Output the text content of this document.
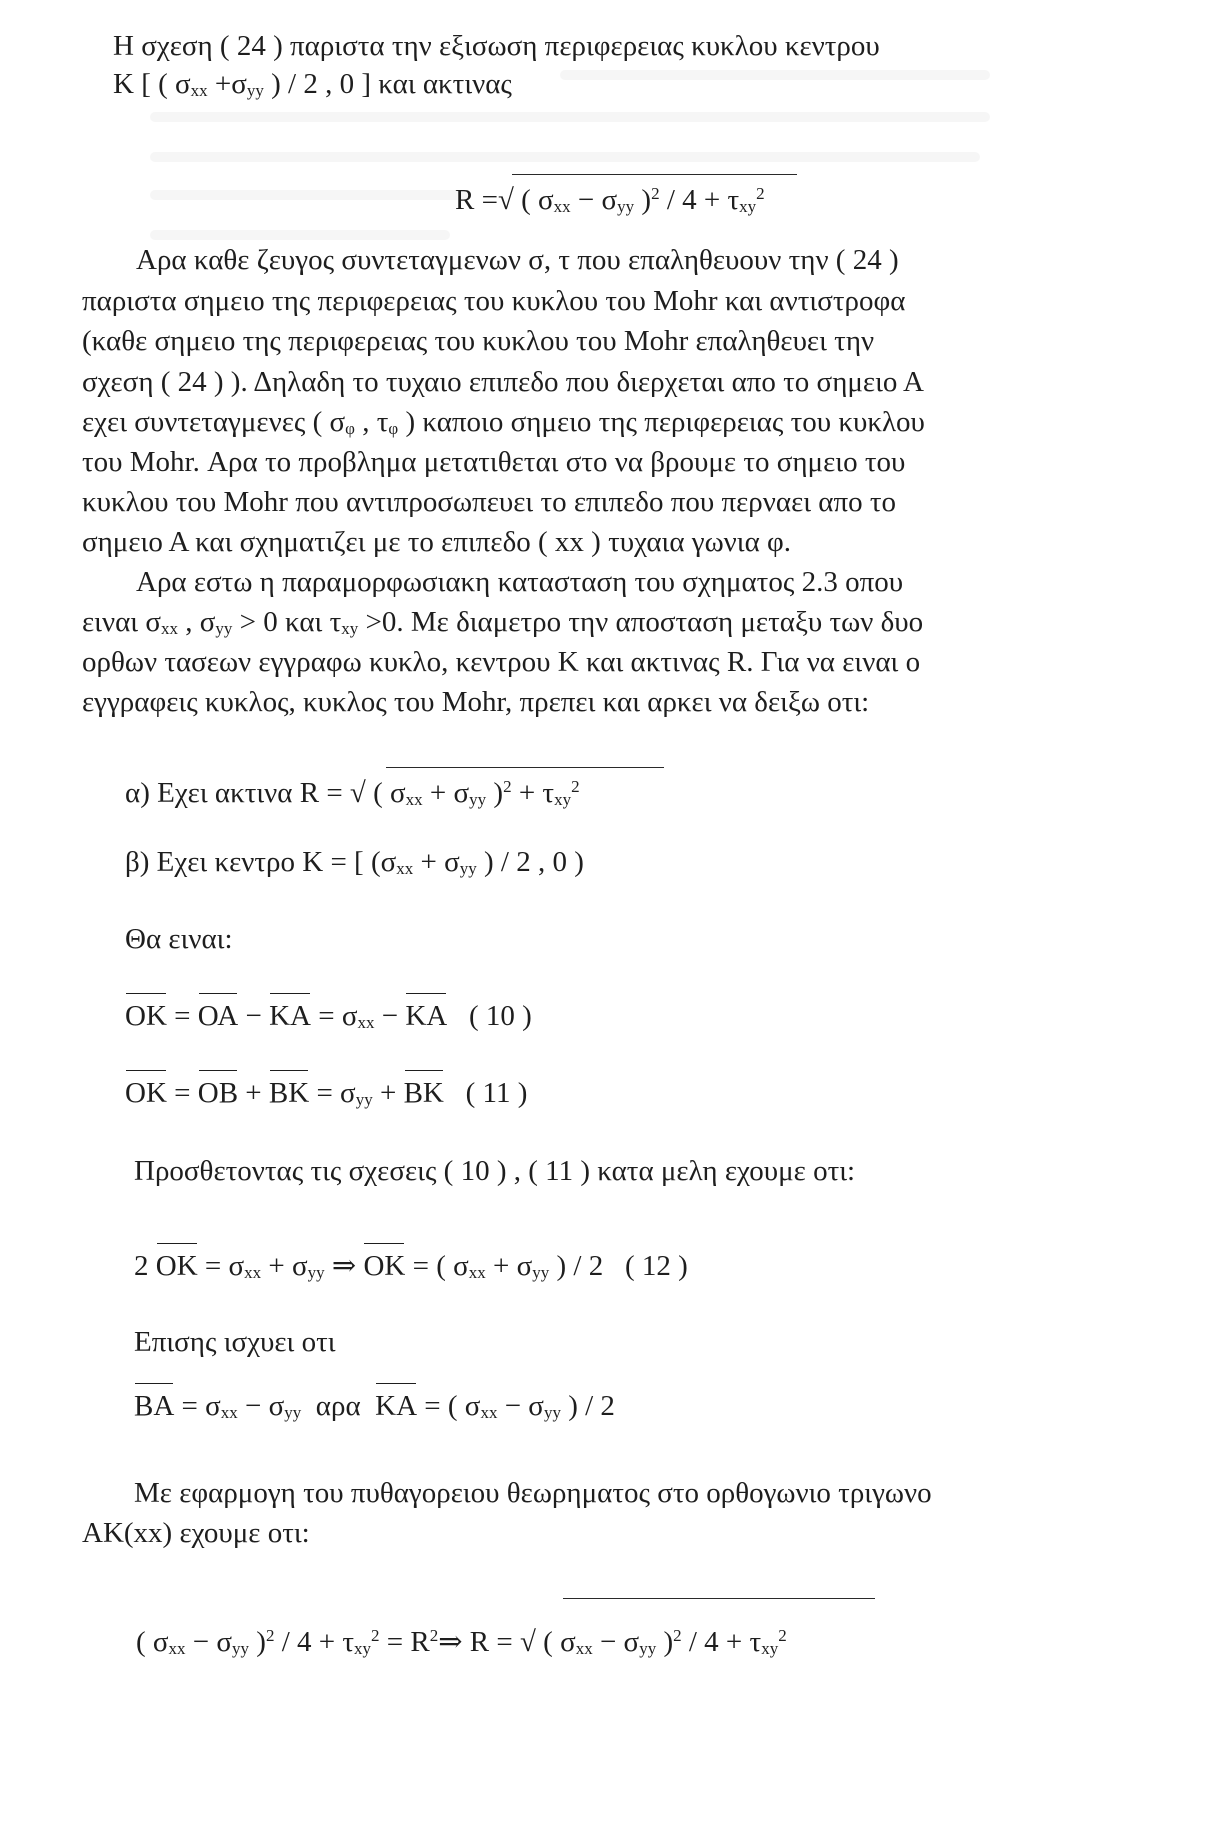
Η σχεση ( 24 ) παριστα την εξισωση περιφερειας κυκλου κεντρου
K [ ( $\sigma_{xx} +\sigma_{yy}$ ) / 2 , 0 ] και ακτινας
R =√ ( $\sigma_{xx} - \sigma_{yy}$ )$^2 / 4 + \tau_{xy}^2$
Αρα καθε ζευγος συντεταγμενων σ, τ που επαληθευουν την ( 24 )
παριστα σημειο της περιφερειας του κυκλου του Mohr και αντιστροφα
(καθε σημειο της περιφερειας του κυκλου του Mohr επαληθευει την
σχεση ( 24 ) ). Δηλαδη το τυχαιο επιπεδο που διερχεται απο το σημειο Α
εχει συντεταγμενες ( $\sigma_\varphi$ , $\tau_\varphi$ ) καποιο σημειο της περιφερειας του κυκλου
του Mohr. Αρα το προβλημα μετατιθεται στο να βρουμε το σημειο του
κυκλου του Mohr που αντιπροσωπευει το επιπεδο που περναει απο το
σημειο Α και σχηματιζει με το επιπεδο ( xx ) τυχαια γωνια φ.
Αρα εστω η παραμορφωσιακη κατασταση του σχηματος 2.3 οπου
ειναι $\sigma_{xx}$ , $\sigma_{yy} > 0$ και $\tau_{xy} >0$. Με διαμετρο την αποσταση μεταξυ των δυο
ορθων τασεων εγγραφω κυκλο, κεντρου Κ και ακτινας R. Για να ειναι ο
εγγραφεις κυκλος, κυκλος του Mohr, πρεπει και αρκει να δειξω οτι:
α) Εχει ακτινα R = √ ( $\sigma_{xx} + \sigma_{yy}$ )$^2 + \tau_{xy}^2$
β) Εχει κεντρο K = [ ($\sigma_{xx} + \sigma_{yy}$ ) / 2 , 0 )
Θα ειναι:
$OK = OA - KA = \sigma_{xx} - KA$   ( 10 )
$OK = OB + BK = \sigma_{yy} + BK$   ( 11 )
Προσθετοντας τις σχεσεις ( 10 ) , ( 11 ) κατα μελη εχουμε οτι:
2 $OK = \sigma_{xx} + \sigma_{yy}$ ⇒ ΟΚ = ( $\sigma_{xx} + \sigma_{yy}$ ) / 2   ( 12 )
Επισης ισχυει οτι
$BA = \sigma_{xx} - \sigma_{yy}$  αρα  ΚΑ = ( $\sigma_{xx} - \sigma_{yy}$ ) / 2
Με εφαρμογη του πυθαγορειου θεωρηματος στο ορθογωνιο τριγωνο
ΑΚ(xx) εχουμε οτι:
( $\sigma_{xx} - \sigma_{yy}$ )$^2 / 4 + \tau_{xy}^2$ = $R^2\Rightarrow$ R = √ ( $\sigma_{xx} - \sigma_{yy}$ )$^2 / 4 + \tau_{xy}^2$
